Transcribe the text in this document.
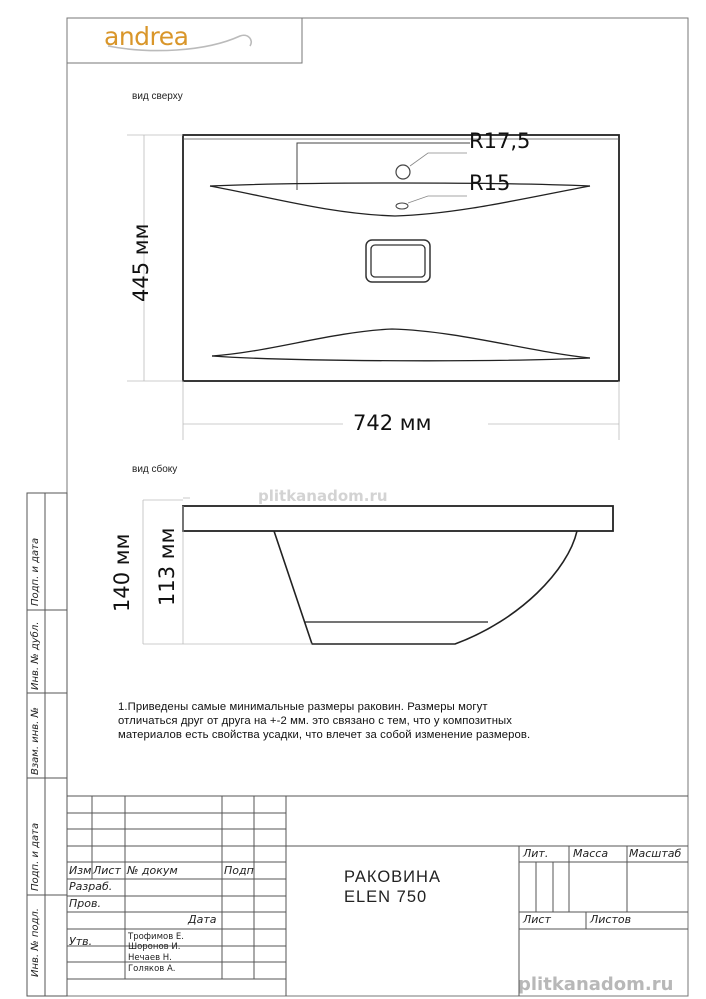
andrea
вид сверху
вид сбоку
R17,5
R15
445 мм
742 мм
140 мм 113 мм
1.Приведены самые минимальные размеры раковин. Размеры могут
отличаться друг от друга на +-2 мм. это связано с тем, что у композитных
материалов есть свойства усадки, что влечет за собой изменение размеров.
Подп. и дата
Инв. № дубл.
Взам. инв. №
Подп. и дата
Инв. № подл.
Изм Лист № докум	Подп
Разраб.
Пров.
Дата
Утв.	Трофимов Е.
Шоронов И.
Нечаев Н.
Голяков А.
РАКОВИНА
ELEN 750
Лит. Масса Масштаб
Лист	Листов
plitkanadom.ru
plitkanadom.ru
